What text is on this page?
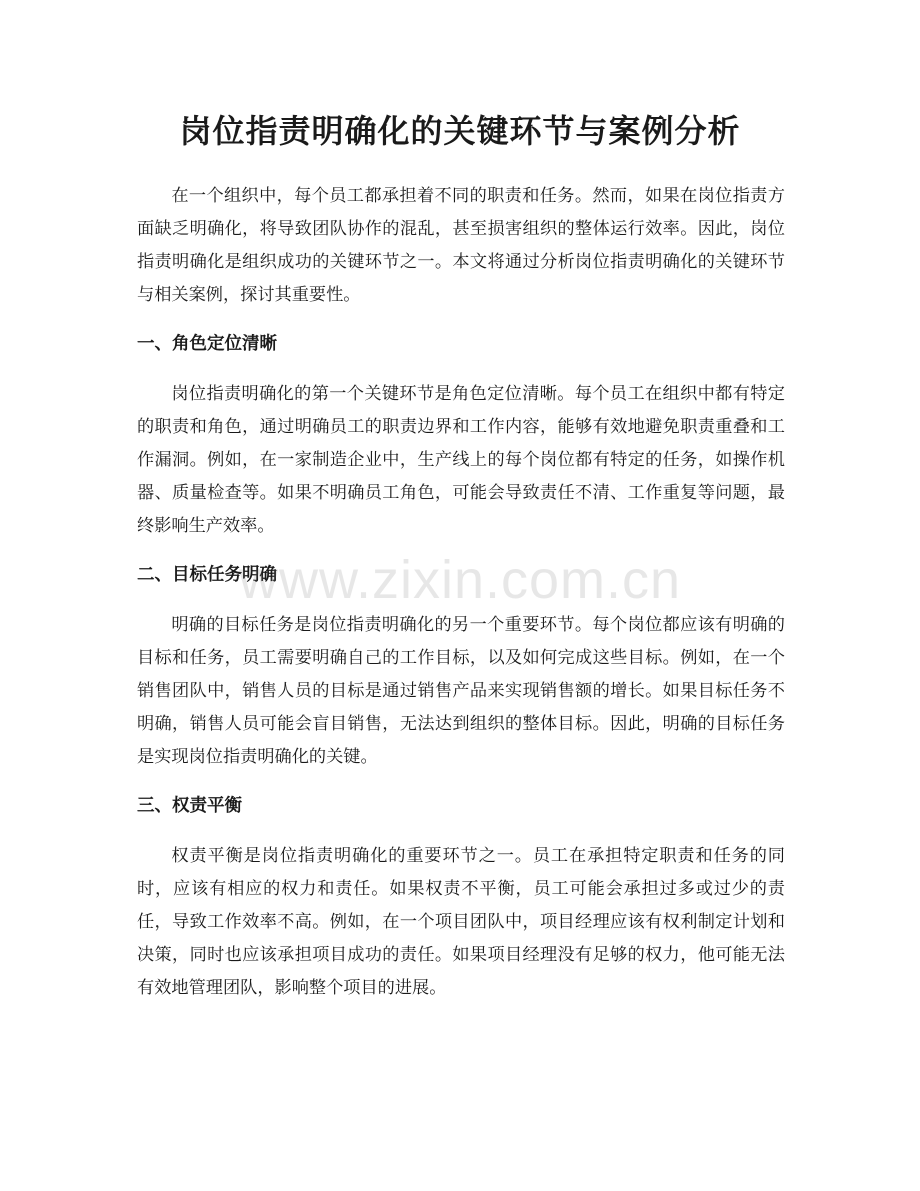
岗位指责明确化的关键环节与案例分析

在一个组织中，每个员工都承担着不同的职责和任务。然而，如果在岗位指责方面缺乏明确化，将导致团队协作的混乱，甚至损害组织的整体运行效率。因此，岗位指责明确化是组织成功的关键环节之一。本文将通过分析岗位指责明确化的关键环节与相关案例，探讨其重要性。

一、角色定位清晰

岗位指责明确化的第一个关键环节是角色定位清晰。每个员工在组织中都有特定的职责和角色，通过明确员工的职责边界和工作内容，能够有效地避免职责重叠和工作漏洞。例如，在一家制造企业中，生产线上的每个岗位都有特定的任务，如操作机器、质量检查等。如果不明确员工角色，可能会导致责任不清、工作重复等问题，最终影响生产效率。

二、目标任务明确

明确的目标任务是岗位指责明确化的另一个重要环节。每个岗位都应该有明确的目标和任务，员工需要明确自己的工作目标，以及如何完成这些目标。例如，在一个销售团队中，销售人员的目标是通过销售产品来实现销售额的增长。如果目标任务不明确，销售人员可能会盲目销售，无法达到组织的整体目标。因此，明确的目标任务是实现岗位指责明确化的关键。

三、权责平衡

权责平衡是岗位指责明确化的重要环节之一。员工在承担特定职责和任务的同时，应该有相应的权力和责任。如果权责不平衡，员工可能会承担过多或过少的责任，导致工作效率不高。例如，在一个项目团队中，项目经理应该有权利制定计划和决策，同时也应该承担项目成功的责任。如果项目经理没有足够的权力，他可能无法有效地管理团队，影响整个项目的进展。

www.zixin.com.cn
